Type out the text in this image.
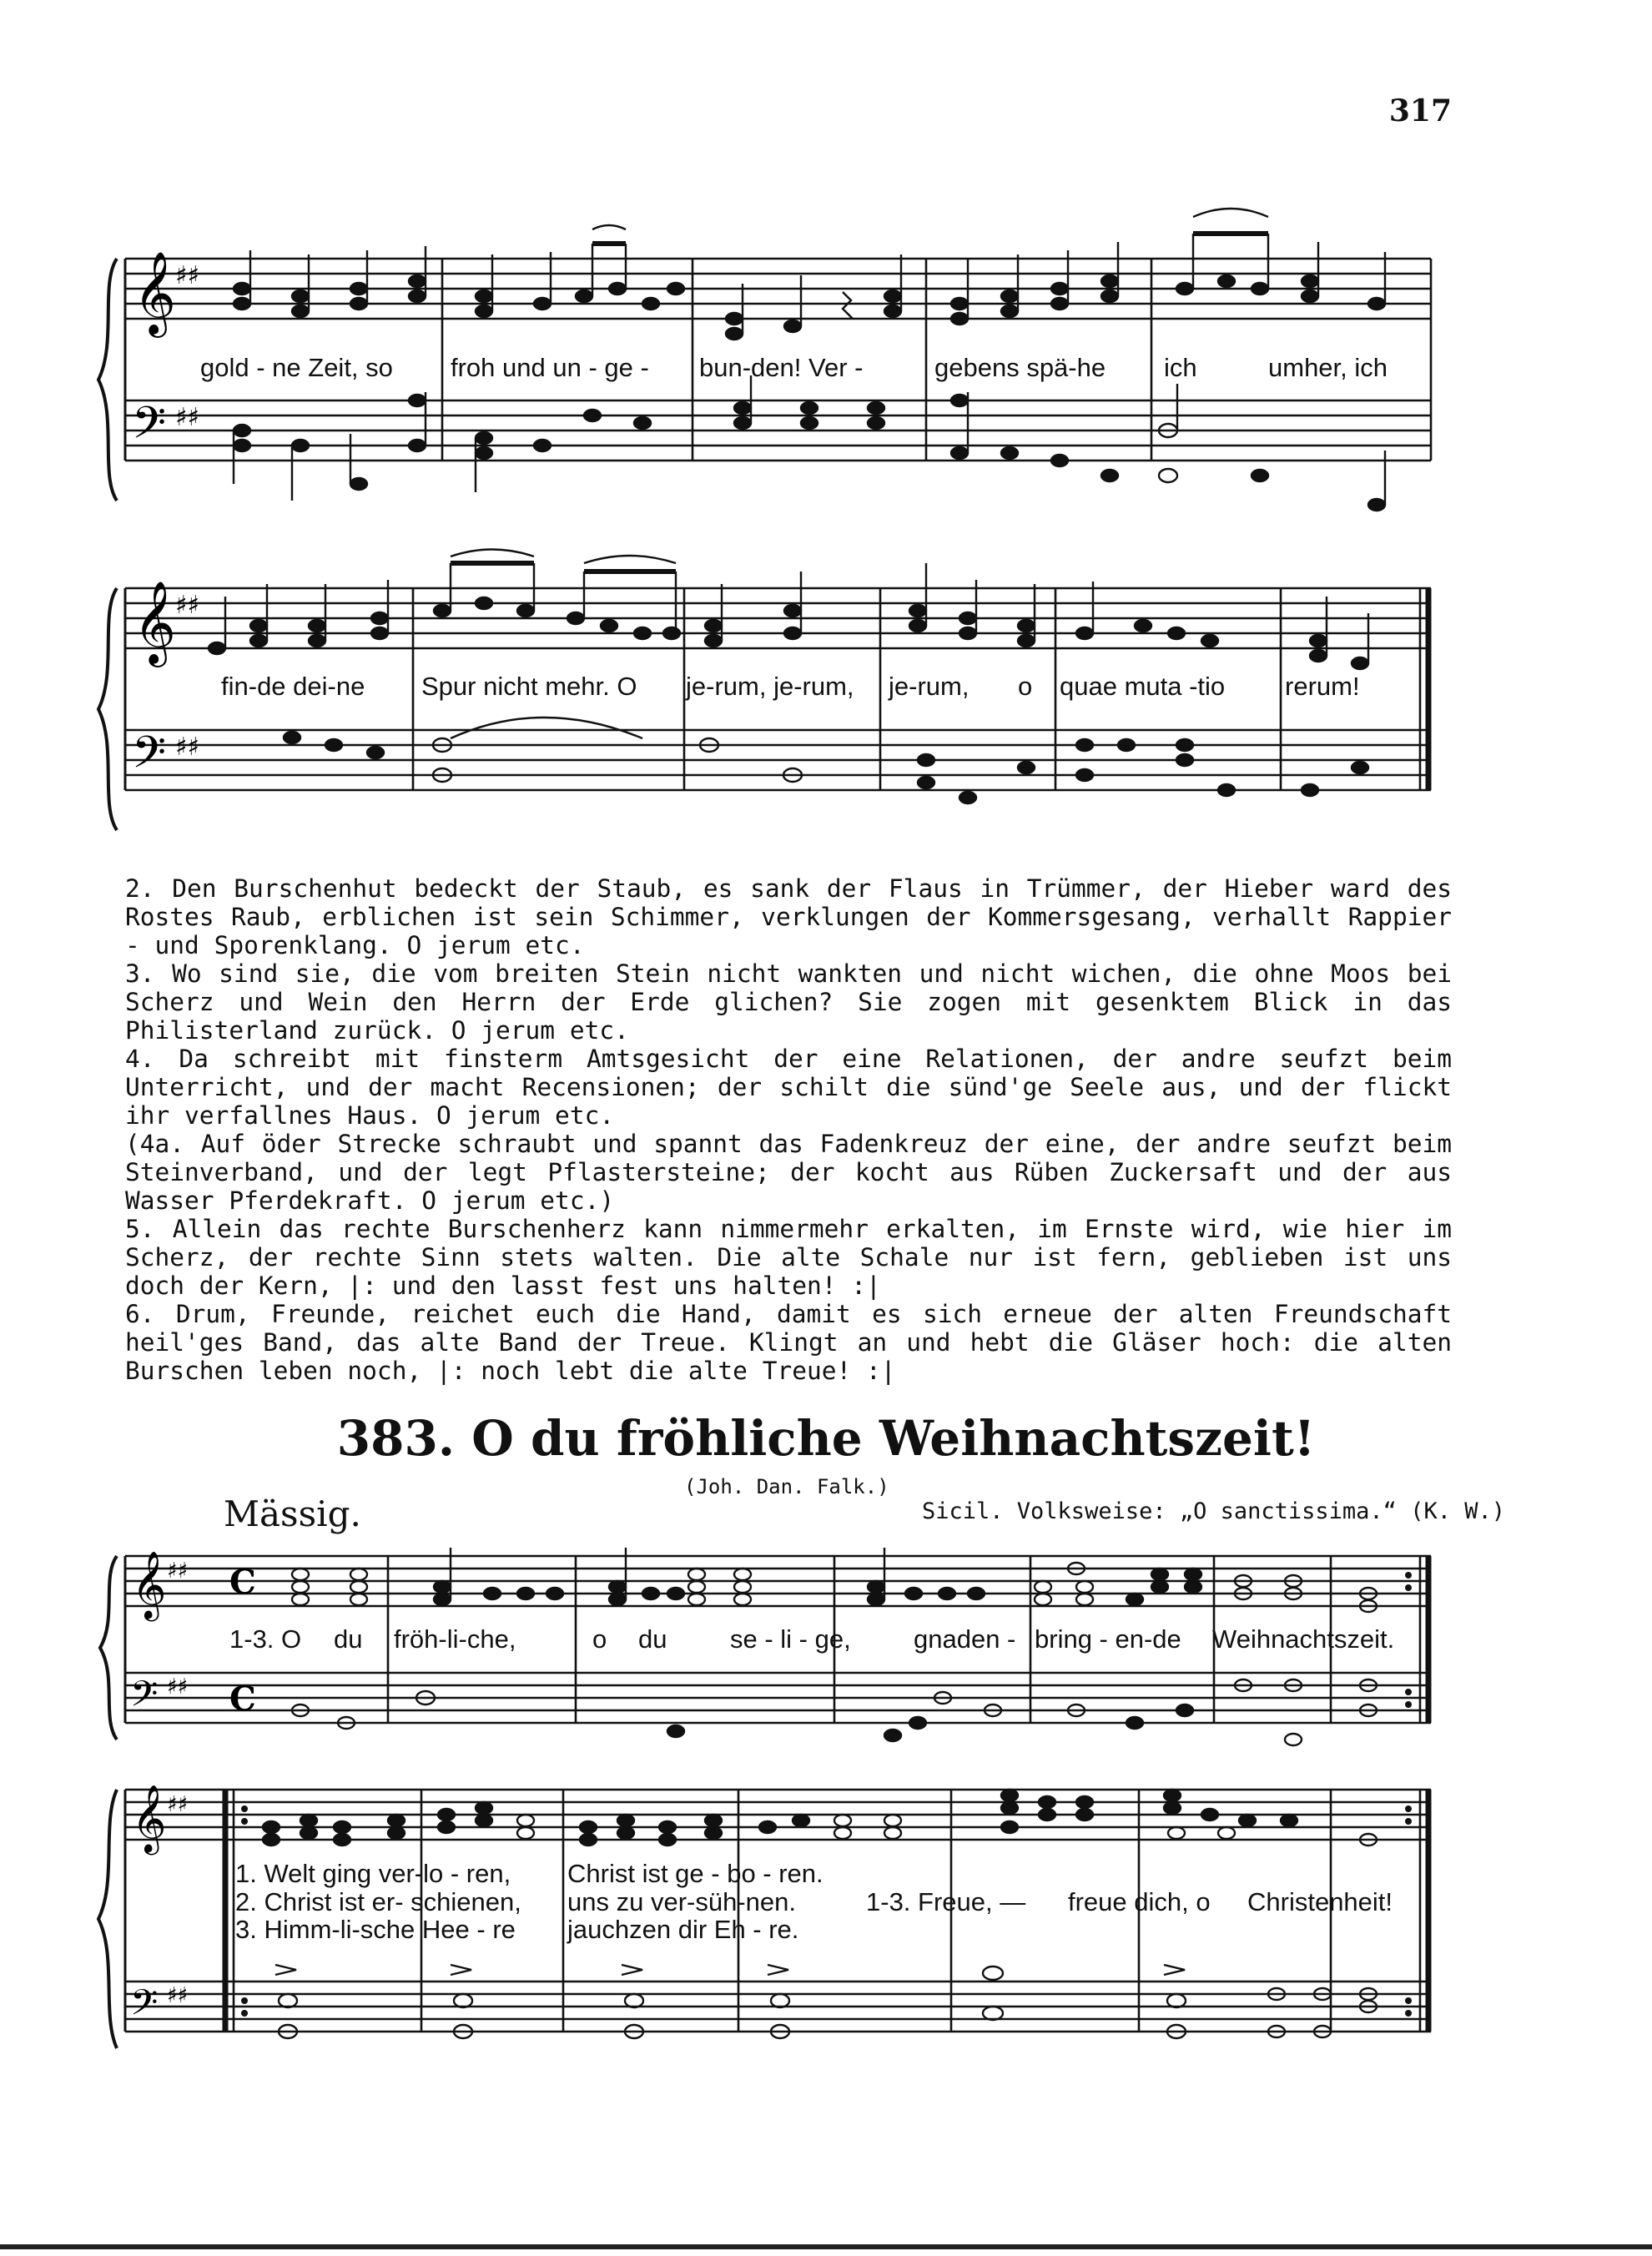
317
𝄞
𝄢
♯♯
♯♯
gold - ne Zeit, so froh und un - ge - bun-den! Ver -	gebens spä-he ich	umher, ich
𝄞
𝄢
♯♯
♯♯
fin-de dei-ne Spur nicht mehr. O je-rum, je-rum, je-rum, o quae muta -tio rerum!

2. Den Burschenhut bedeckt der Staub, es sank der Flaus in Trümmer, der Hieber ward des Rostes Raub, erblichen ist sein Schimmer, verklungen der Kommersgesang, verhallt Rappier - und Sporenklang. O jerum etc.

3. Wo sind sie, die vom breiten Stein nicht wankten und nicht wichen, die ohne Moos bei Scherz und Wein den Herrn der Erde glichen? Sie zogen mit gesenktem Blick in das Philisterland zurück. O jerum etc.

4. Da schreibt mit finsterm Amtsgesicht der eine Relationen, der andre seufzt beim Unterricht, und der macht Recensionen; der schilt die sünd'ge Seele aus, und der flickt ihr verfallnes Haus. O jerum etc.

(4a. Auf öder Strecke schraubt und spannt das Fadenkreuz der eine, der andre seufzt beim Steinverband, und der legt Pflastersteine; der kocht aus Rüben Zuckersaft und der aus Wasser Pferdekraft. O jerum etc.)

5. Allein das rechte Burschenherz kann nimmermehr erkalten, im Ernste wird, wie hier im Scherz, der rechte Sinn stets walten. Die alte Schale nur ist fern, geblieben ist uns doch der Kern, |: und den lasst fest uns halten! :|

6. Drum, Freunde, reichet euch die Hand, damit es sich erneue der alten Freundschaft heil'ges Band, das alte Band der Treue. Klingt an und hebt die Gläser hoch: die alten Burschen leben noch, |: noch lebt die alte Treue! :|

383. O du fröhliche Weihnachtszeit!
(Joh. Dan. Falk.)
Mässig.	Sicil. Volksweise: „O sanctissima.“ (K. W.)
𝄞
𝄢
♯♯
♯♯
C
C
1-3. O du fröh-li-che,	o du se - li - ge, gnaden - bring - en-de Weihnachtszeit.
𝄞
𝄢
♯♯
♯♯
1. Welt ging ver-lo - ren, Christ ist ge - bo - ren.
1-3. Freue, — freue dich, o Christenheit!
2. Christ ist er- schienen, uns zu ver-süh-nen.
3. Himm-li-sche Hee - re jauchzen dir Eh - re.
